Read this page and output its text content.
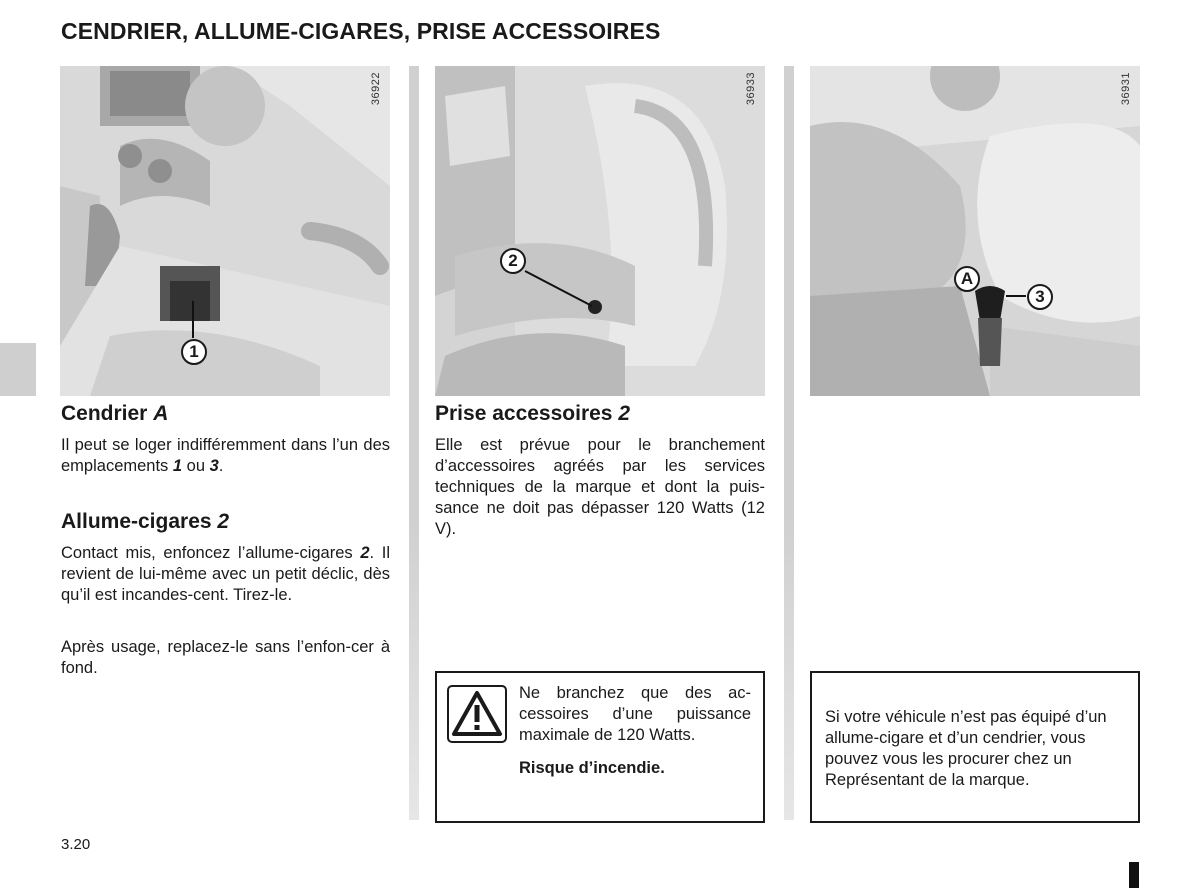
CENDRIER, ALLUME-CIGARES, PRISE ACCESSOIRES
36922
1
36933
2
36931
A
3
Cendrier A

Il peut se loger indifféremment dans l’un des emplacements 1 ou 3.

Allume-cigares 2

Contact mis, enfoncez l’allume-cigares 2. Il revient de lui-même avec un petit déclic, dès qu’il est incandes-cent. Tirez-le.

Après usage, replacez-le sans l’enfon-cer à fond.

Prise accessoires 2

Elle est prévue pour le branchement d’accessoires agréés par les services techniques de la marque et dont la puis-sance ne doit pas dépasser 120 Watts (12 V).

Ne branchez que des ac-cessoires d’une puissance maximale de 120 Watts.

Risque d’incendie.

Si votre véhicule n’est pas équipé d’un allume-cigare et d’un cendrier, vous pouvez vous les procurer chez un Représentant de la marque.

3.20
